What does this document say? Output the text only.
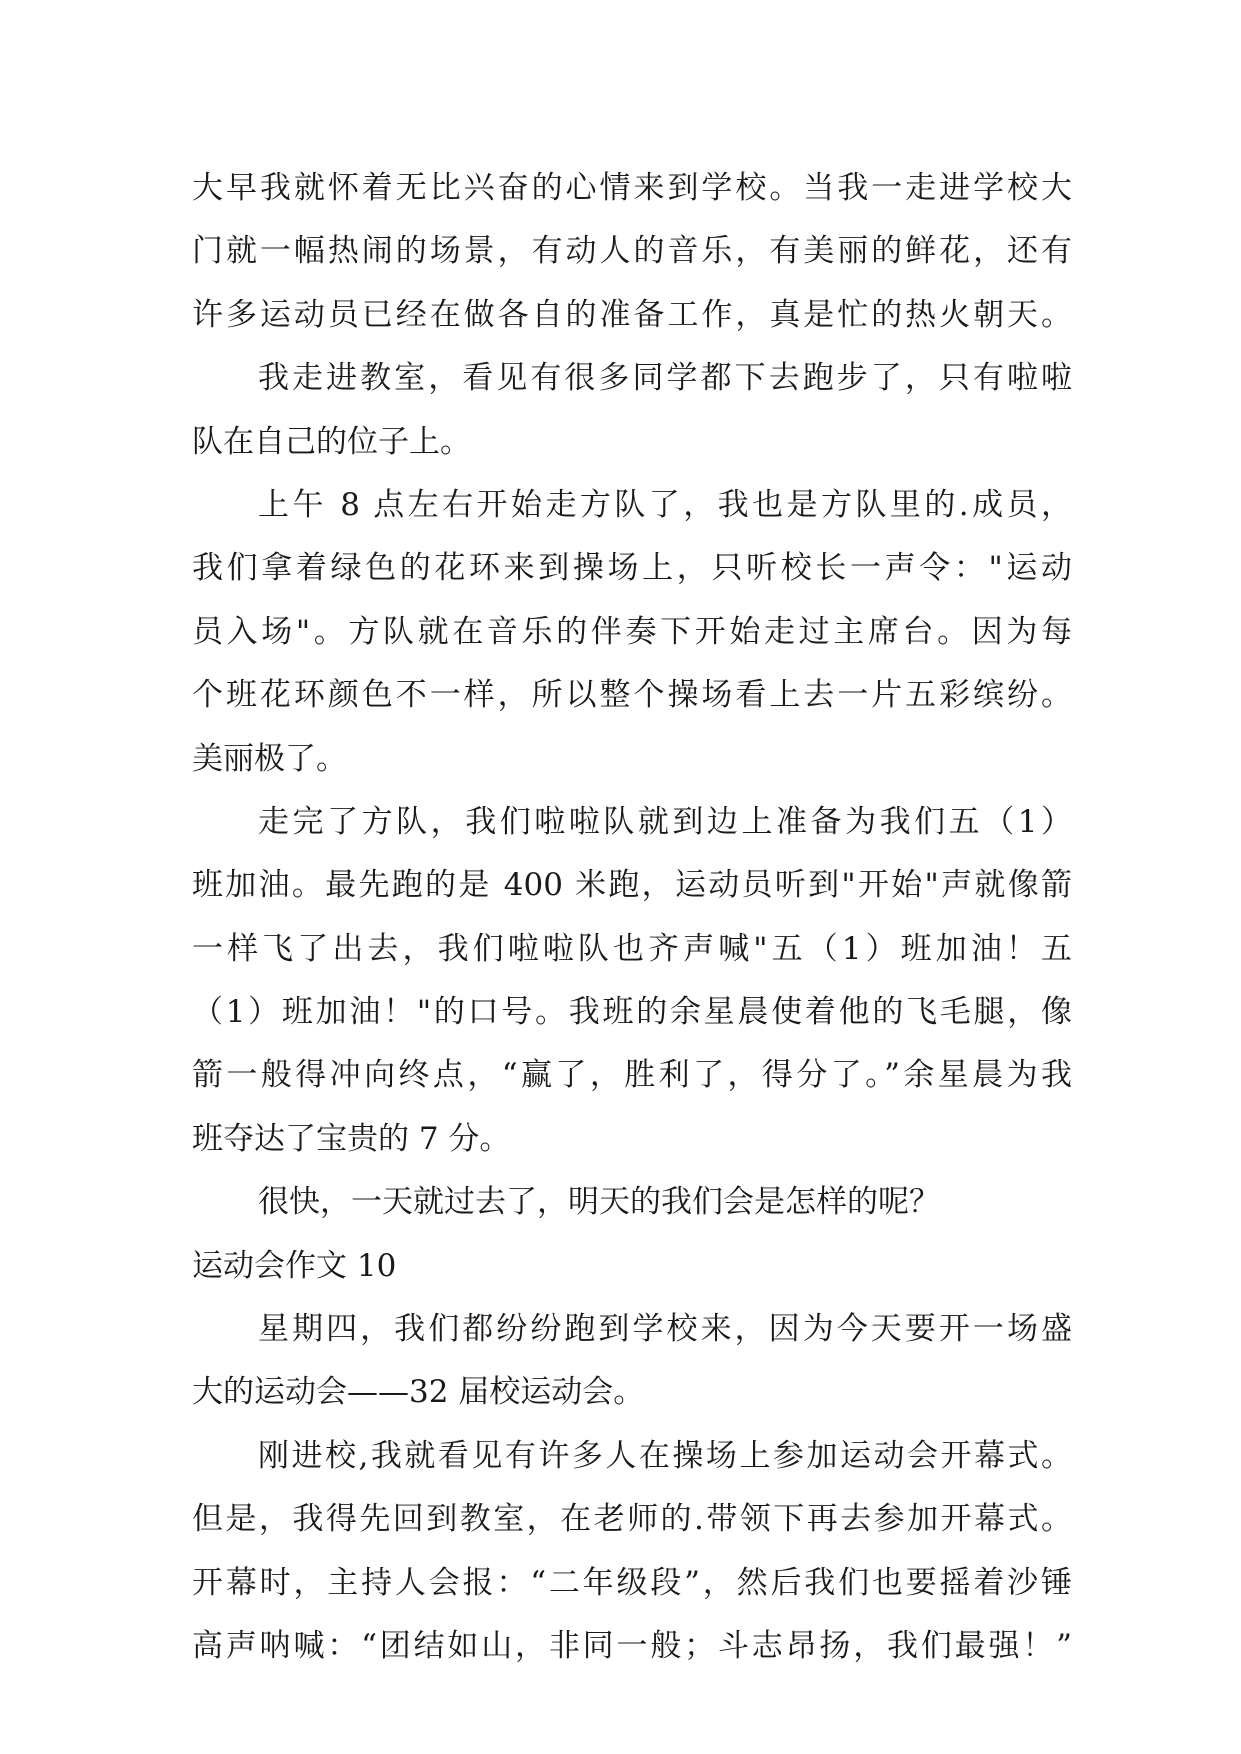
大早我就怀着无比兴奋的心情来到学校。当我一走进学校大
门就一幅热闹的场景，有动人的音乐，有美丽的鲜花，还有
许多运动员已经在做各自的准备工作，真是忙的热火朝天。
我走进教室，看见有很多同学都下去跑步了，只有啦啦
队在自己的位子上。
上午 8 点左右开始走方队了，我也是方队里的.成员，
我们拿着绿色的花环来到操场上，只听校长一声令："运动
员入场"。方队就在音乐的伴奏下开始走过主席台。因为每
个班花环颜色不一样，所以整个操场看上去一片五彩缤纷。
美丽极了。
走完了方队，我们啦啦队就到边上准备为我们五（1）
班加油。最先跑的是 400 米跑，运动员听到"开始"声就像箭
一样飞了出去，我们啦啦队也齐声喊"五（1）班加油！五
（1）班加油！"的口号。我班的余星晨使着他的飞毛腿，像
箭一般得冲向终点，“赢了，胜利了，得分了。”余星晨为我
班夺达了宝贵的 7 分。
很快，一天就过去了，明天的我们会是怎样的呢？
运动会作文 10
星期四，我们都纷纷跑到学校来，因为今天要开一场盛
大的运动会——32 届校运动会。
刚进校,我就看见有许多人在操场上参加运动会开幕式。
但是，我得先回到教室，在老师的.带领下再去参加开幕式。
开幕时，主持人会报：“二年级段”，然后我们也要摇着沙锤
高声呐喊：“团结如山，非同一般；斗志昂扬，我们最强！”
